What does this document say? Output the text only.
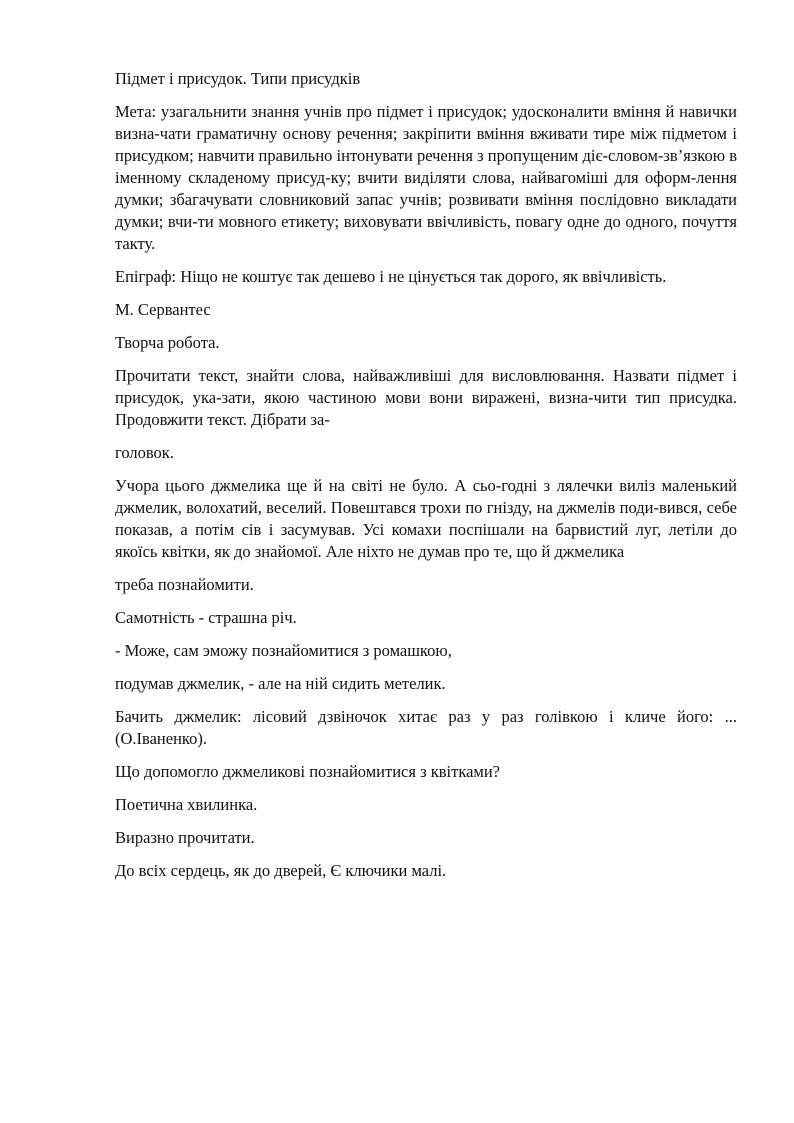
Підмет і присудок. Типи присудків

Мета: узагальнити знання учнів про підмет і присудок; удосконалити вміння й навички визна-чати граматичну основу речення; закріпити вміння вживати тире між підметом і присудком; навчити правильно інтонувати речення з пропущеним діє-словом-зв’язкою в іменному складеному присуд-ку; вчити виділяти слова, найвагоміші для оформ-лення думки; збагачувати словниковий запас учнів; розвивати вміння послідовно викладати думки; вчи-ти мовного етикету; виховувати ввічливість, повагу одне до одного, почуття такту.

Епіграф: Ніщо не коштує так дешево і не цінується так дорого, як ввічливість.

М. Сервантес

Творча робота.

Прочитати текст, знайти слова, найважливіші для висловлювання. Назвати підмет і присудок, ука-зати, якою частиною мови вони виражені, визна-чити тип присудка. Продовжити текст. Дібрати за-

головок.

Учора цього джмелика ще й на світі не було. А сьо-годні з лялечки виліз маленький джмелик, волохатий, веселий. Повештався трохи по гнізду, на джмелів поди-вився, себе показав, а потім сів і засумував. Усі комахи поспішали на барвистий луг, летіли до якоїсь квітки, як до знайомої. Але ніхто не думав про те, що й джмелика

треба познайомити.

Самотність - страшна річ.

- Може, сам эможу познайомитися з ромашкою,

подумав джмелик, - але на ній сидить метелик.

Бачить джмелик: лісовий дзвіночок хитає раз у раз голівкою і кличе його: ... (О.Іваненко).

Що допомогло джмеликові познайомитися з квітками?

Поетична хвилинка.

Виразно прочитати.

До всіх сердець, як до дверей, Є ключики малі.
